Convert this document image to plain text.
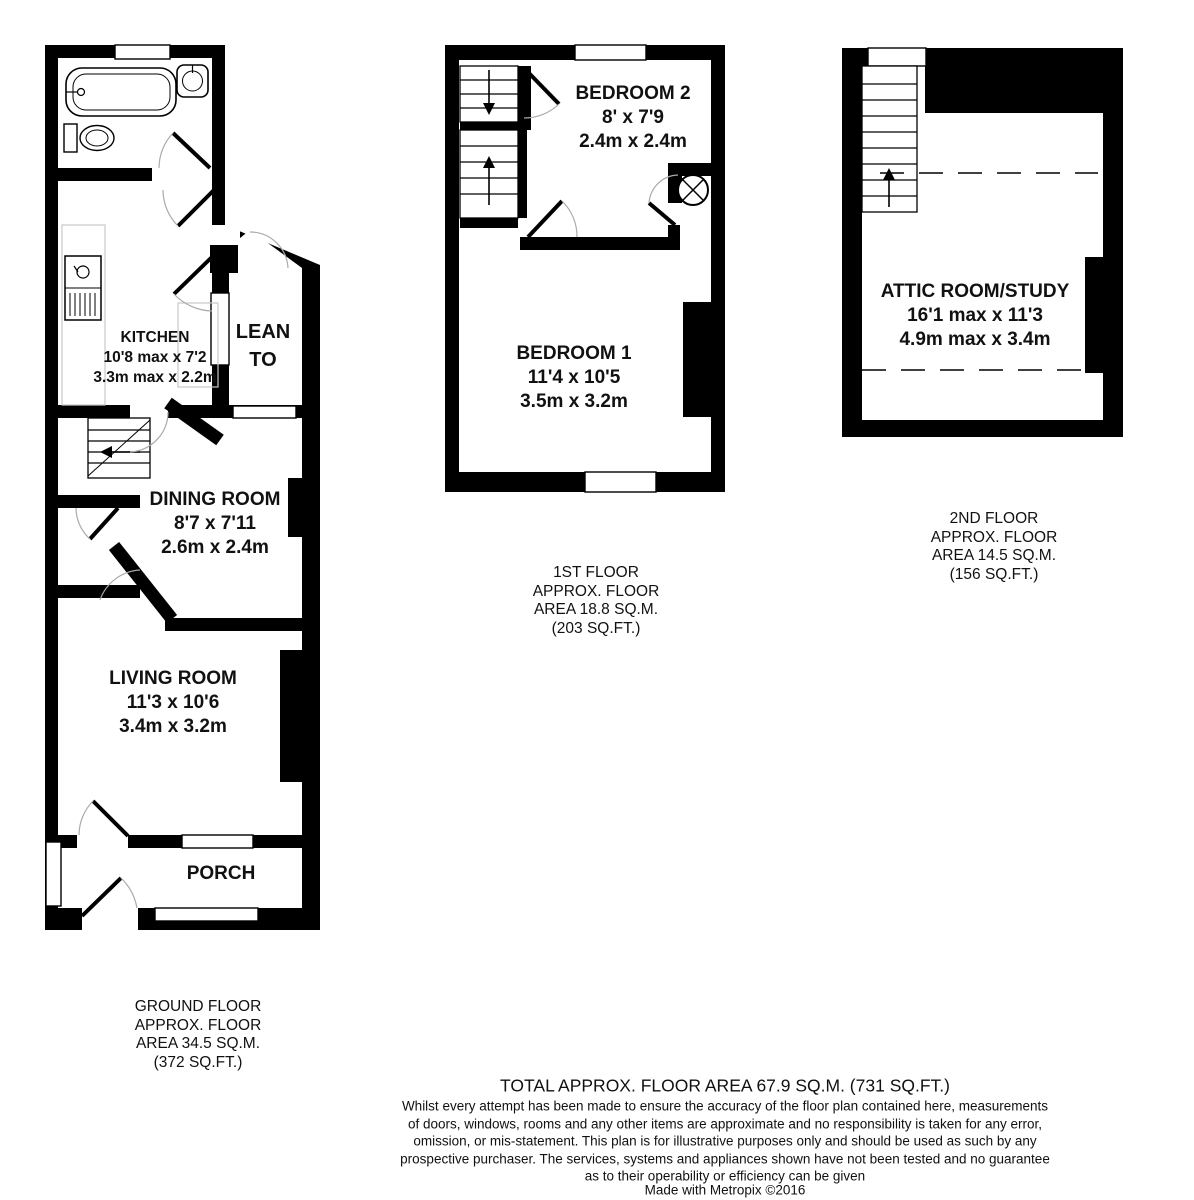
KITCHEN
10'8 max x 7'2
3.3m max x 2.2m
LEAN
TO
DINING ROOM
8'7 x 7'11
2.6m x 2.4m
LIVING ROOM
11'3 x 10'6
3.4m x 3.2m
PORCH
GROUND FLOOR
APPROX. FLOOR
AREA 34.5 SQ.M.
(372 SQ.FT.)
BEDROOM 2
8' x 7'9
2.4m x 2.4m
BEDROOM 1
11'4 x 10'5
3.5m x 3.2m
1ST FLOOR
APPROX. FLOOR
AREA 18.8 SQ.M.
(203 SQ.FT.)
ATTIC ROOM/STUDY
16'1 max x 11'3
4.9m max x 3.4m
2ND FLOOR
APPROX. FLOOR
AREA 14.5 SQ.M.
(156 SQ.FT.)
TOTAL APPROX. FLOOR AREA 67.9 SQ.M. (731 SQ.FT.)
Whilst every attempt has been made to ensure the accuracy of the floor plan contained here, measurements
of doors, windows, rooms and any other items are approximate and no responsibility is taken for any error,
omission, or mis-statement. This plan is for illustrative purposes only and should be used as such by any
prospective purchaser. The services, systems and appliances shown have not been tested and no guarantee
as to their operability or efficiency can be given
Made with Metropix ©2016
